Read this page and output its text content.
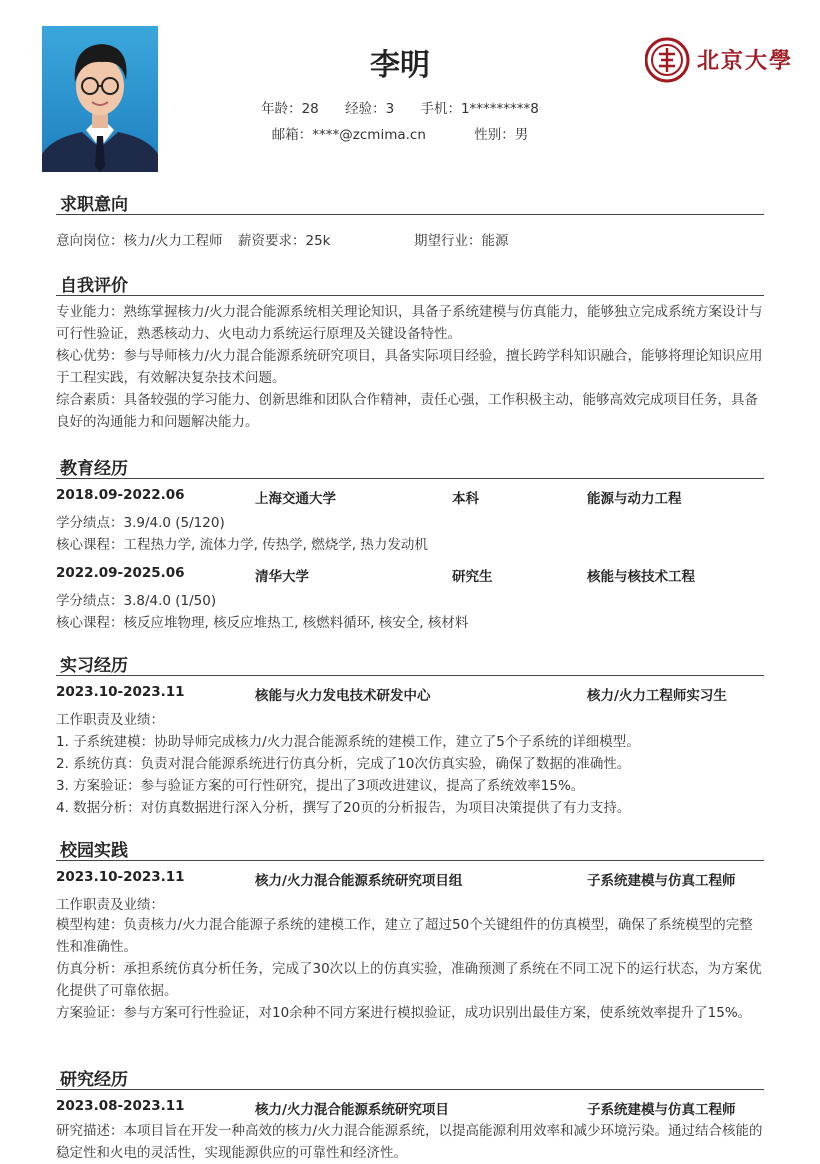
李明
年龄：28 经验：3 手机：1*********8
邮箱：****@zcmima.cn	性别：男
北京大學
求职意向
意向岗位：核力/火力工程师 薪资要求：25k	期望行业：能源
自我评价
专业能力：熟练掌握核力/火力混合能源系统相关理论知识，具备子系统建模与仿真能力，能够独立完成系统方案设计与可行性验证，熟悉核动力、火电动力系统运行原理及关键设备特性。
核心优势：参与导师核力/火力混合能源系统研究项目，具备实际项目经验，擅长跨学科知识融合，能够将理论知识应用于工程实践，有效解决复杂技术问题。
综合素质：具备较强的学习能力、创新思维和团队合作精神，责任心强，工作积极主动，能够高效完成项目任务，具备良好的沟通能力和问题解决能力。
教育经历
2018.09-2022.06	上海交通大学	本科	能源与动力工程
学分绩点：3.9/4.0 (5/120)
核心课程：工程热力学, 流体力学, 传热学, 燃烧学, 热力发动机
2022.09-2025.06	清华大学	研究生	核能与核技术工程
学分绩点：3.8/4.0 (1/50)
核心课程：核反应堆物理, 核反应堆热工, 核燃料循环, 核安全, 核材料
实习经历
2023.10-2023.11	核能与火力发电技术研发中心	核力/火力工程师实习生
工作职责及业绩：
1. 子系统建模：协助导师完成核力/火力混合能源系统的建模工作，建立了5个子系统的详细模型。
2. 系统仿真：负责对混合能源系统进行仿真分析，完成了10次仿真实验，确保了数据的准确性。
3. 方案验证：参与验证方案的可行性研究，提出了3项改进建议，提高了系统效率15%。
4. 数据分析：对仿真数据进行深入分析，撰写了20页的分析报告，为项目决策提供了有力支持。
校园实践
2023.10-2023.11	核力/火力混合能源系统研究项目组	子系统建模与仿真工程师
工作职责及业绩：
模型构建：负责核力/火力混合能源子系统的建模工作，建立了超过50个关键组件的仿真模型，确保了系统模型的完整性和准确性。
仿真分析：承担系统仿真分析任务，完成了30次以上的仿真实验，准确预测了系统在不同工况下的运行状态，为方案优化提供了可靠依据。
方案验证：参与方案可行性验证，对10余种不同方案进行模拟验证，成功识别出最佳方案，使系统效率提升了15%。
研究经历
2023.08-2023.11	核力/火力混合能源系统研究项目	子系统建模与仿真工程师
研究描述：本项目旨在开发一种高效的核力/火力混合能源系统，以提高能源利用效率和减少环境污染。通过结合核能的稳定性和火电的灵活性，实现能源供应的可靠性和经济性。
